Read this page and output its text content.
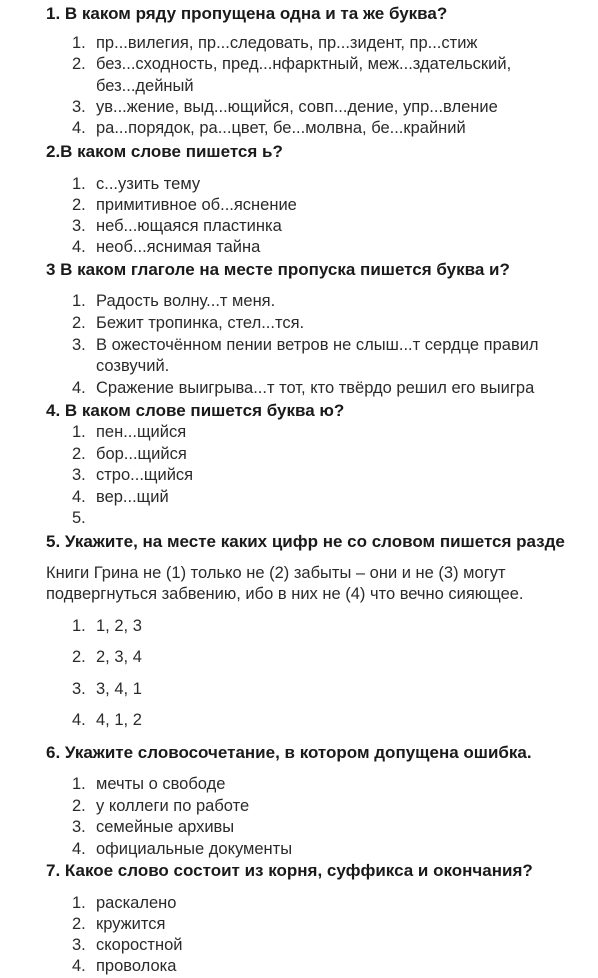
1. В каком ряду пропущена одна и та же буква?
1. пр...вилегия, пр...следовать, пр...зидент, пр...стиж
2. без...сходность, пред...нфарктный, меж...здательский,
без...дейный
3. ув...жение, выд...ющийся, совп...дение, упр...вление
4. ра...порядок, ра...цвет, бе...молвна, бе...крайний
2.В каком слове пишется ь?
1. с...узить тему
2. примитивное об...яснение
3. неб...ющаяся пластинка
4. необ...яснимая тайна
3 В каком глаголе на месте пропуска пишется буква и?
1. Радость волну...т меня.
2. Бежит тропинка, стел...тся.
3. В ожесточённом пении ветров не слыш...т сердце правил
созвучий.
4. Сражение выигрыва...т тот, кто твёрдо решил его выигра
4. В каком слове пишется буква ю?
1. пен...щийся
2. бор...щийся
3. стро...щийся
4. вер...щий
5.
5. Укажите, на месте каких цифр не со словом пишется разде
Книги Грина не (1) только не (2) забыты – они и не (3) могут
подвергнуться забвению, ибо в них не (4) что вечно сияющее.
1. 1, 2, 3
2. 2, 3, 4
3. 3, 4, 1
4. 4, 1, 2
6. Укажите словосочетание, в котором допущена ошибка.
1. мечты о свободе
2. у коллеги по работе
3. семейные архивы
4. официальные документы
7. Какое слово состоит из корня, суффикса и окончания?
1. раскалено
2. кружится
3. скоростной
4. проволока
